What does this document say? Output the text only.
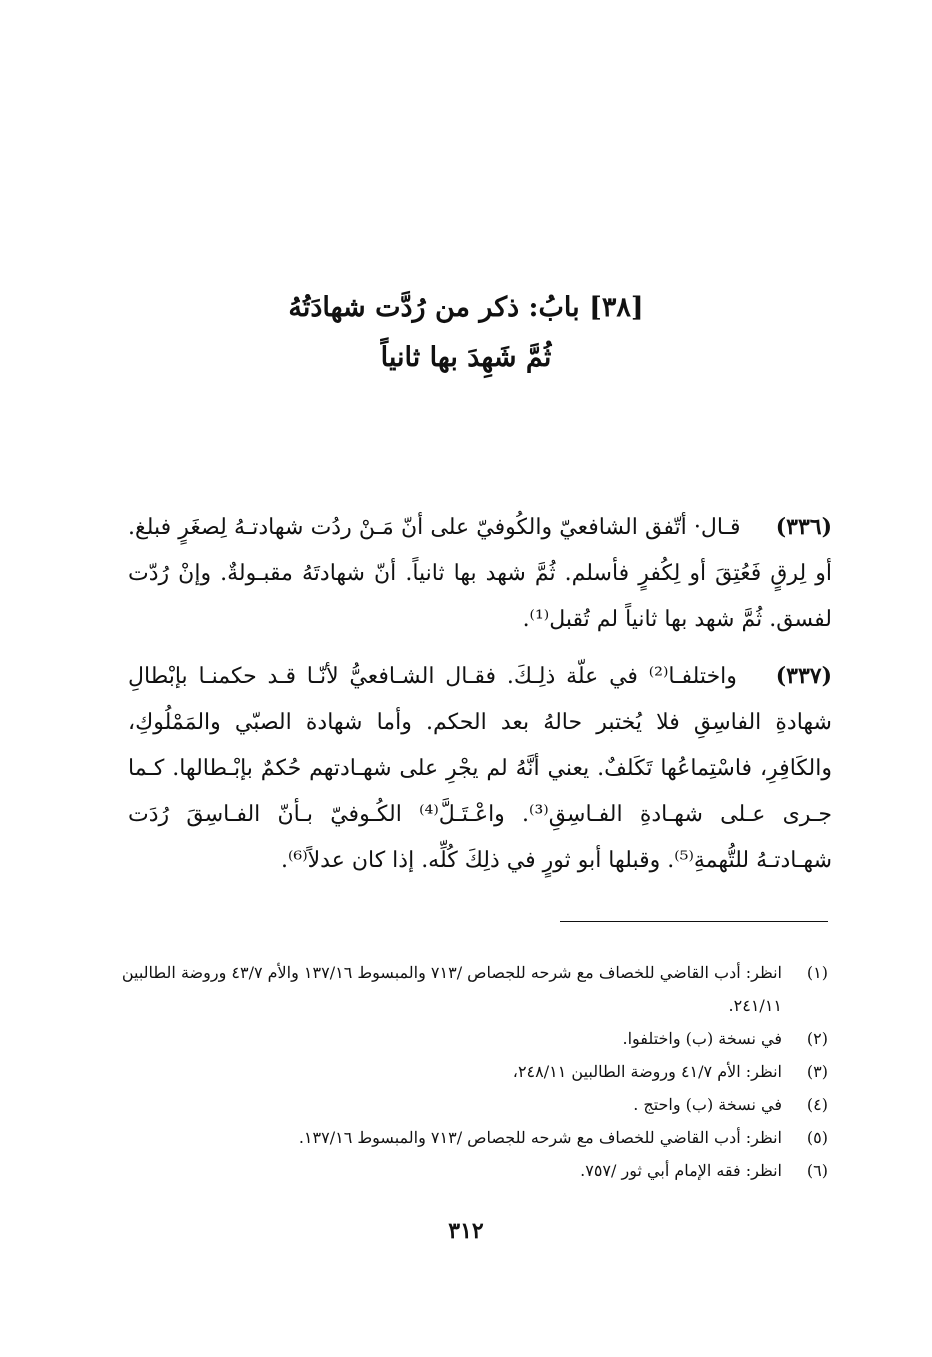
[٣٨] بابُ: ذكر من رُدَّت شهادَتُهُ
ثُمَّ شَهِدَ بها ثانياً

(٣٣٦) قـال· أتّفق الشافعيّ والكُوفيّ على أنّ مَـنْ ردُت شهادتـهُ لِصغَرٍ فبلغ. أو لِرقٍ فَعُتِقَ أو لِكُفرٍ فأسلم. ثُمَّ شهد بها ثانياً. أنّ شهادتَهُ مقبـولةٌ. وإنْ رُدّت لفسق. ثُمَّ شهد بها ثانياً لم تُقبل⁽¹⁾.

(٣٣٧) واختلفـا⁽²⁾ في علّة ذلِـكَ. فقـال الشـافعيُّ لأنّـا قـد حكمنـا بإبْطالِ شهادةِ الفاسِقِ فلا يُختبر حالهُ بعد الحكم. وأما شهادة الصبّي والمَمْلُوكِ، والكَافِرِ، فاسْتِماعُها تَكَلفٌ. يعني أنَّهُ لم يجْرِ على شهـادتهم حُكمٌ بإبْـطالها. كـما جـرى عـلى شهـادةِ الفـاسِقِ⁽³⁾. واعْـتَـلَّ⁽⁴⁾ الكُـوفيّ بـأنّ الفـاسِقَ رُدَت شهـادتـهُ للتُّهمةِ⁽⁵⁾. وقبلها أبو ثورٍ في ذلِكَ كُلِّه. إذا كان عدلاً⁽⁶⁾.

(١)
انظر: أدب القاضي للخصاف مع شرحه للجصاص /٧١٣ والمبسوط ١٣٧/١٦ والأم ٤٣/٧ وروضة الطالبين ٢٤١/١١.
(٢)
في نسخة (ب) واختلفوا.
(٣)
انظر: الأم ٤١/٧ وروضة الطالبين ٢٤٨/١١،
(٤)
في نسخة (ب) واحتج .
(٥)
انظر: أدب القاضي للخصاف مع شرحه للجصاص /٧١٣ والمبسوط ١٣٧/١٦.
(٦)
انظر: فقه الإمام أبي ثور /٧٥٧.
٣١٢
